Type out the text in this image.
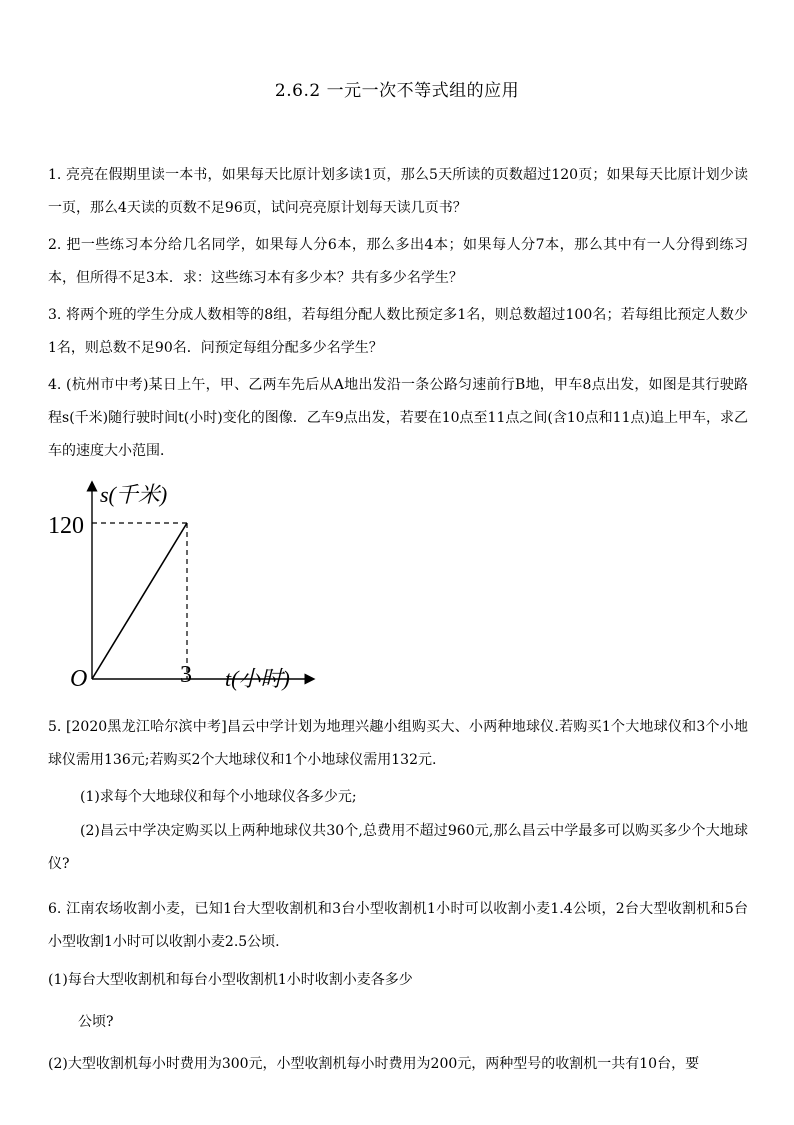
2.6.2 一元一次不等式组的应用
1. 亮亮在假期里读一本书，如果每天比原计划多读1页，那么5天所读的页数超过120页；如果每天比原计划少读一页，那么4天读的页数不足96页，试问亮亮原计划每天读几页书？
2. 把一些练习本分给几名同学，如果每人分6本，那么多出4本；如果每人分7本，那么其中有一人分得到练习本，但所得不足3本．求：这些练习本有多少本？共有多少名学生？
3. 将两个班的学生分成人数相等的8组，若每组分配人数比预定多1名，则总数超过100名；若每组比预定人数少1名，则总数不足90名．问预定每组分配多少名学生？
4. (杭州市中考)某日上午，甲、乙两车先后从A地出发沿一条公路匀速前行B地，甲车8点出发，如图是其行驶路程s(千米)随行驶时间t(小时)变化的图像．乙车9点出发，若要在10点至11点之间(含10点和11点)追上甲车，求乙车的速度大小范围．
s(千米)
120
O	3 t(小时)
5. [2020黑龙江哈尔滨中考]昌云中学计划为地理兴趣小组购买大、小两种地球仪.若购买1个大地球仪和3个小地球仪需用136元;若购买2个大地球仪和1个小地球仪需用132元.
(1)求每个大地球仪和每个小地球仪各多少元;
(2)昌云中学决定购买以上两种地球仪共30个,总费用不超过960元,那么昌云中学最多可以购买多少个大地球仪?
6. 江南农场收割小麦，已知1台大型收割机和3台小型收割机1小时可以收割小麦1.4公顷，2台大型收割机和5台小型收割1小时可以收割小麦2.5公顷.
(1)每台大型收割机和每台小型收割机1小时收割小麦各多少
公顷?
(2)大型收割机每小时费用为300元，小型收割机每小时费用为200元，两种型号的收割机一共有10台，要
